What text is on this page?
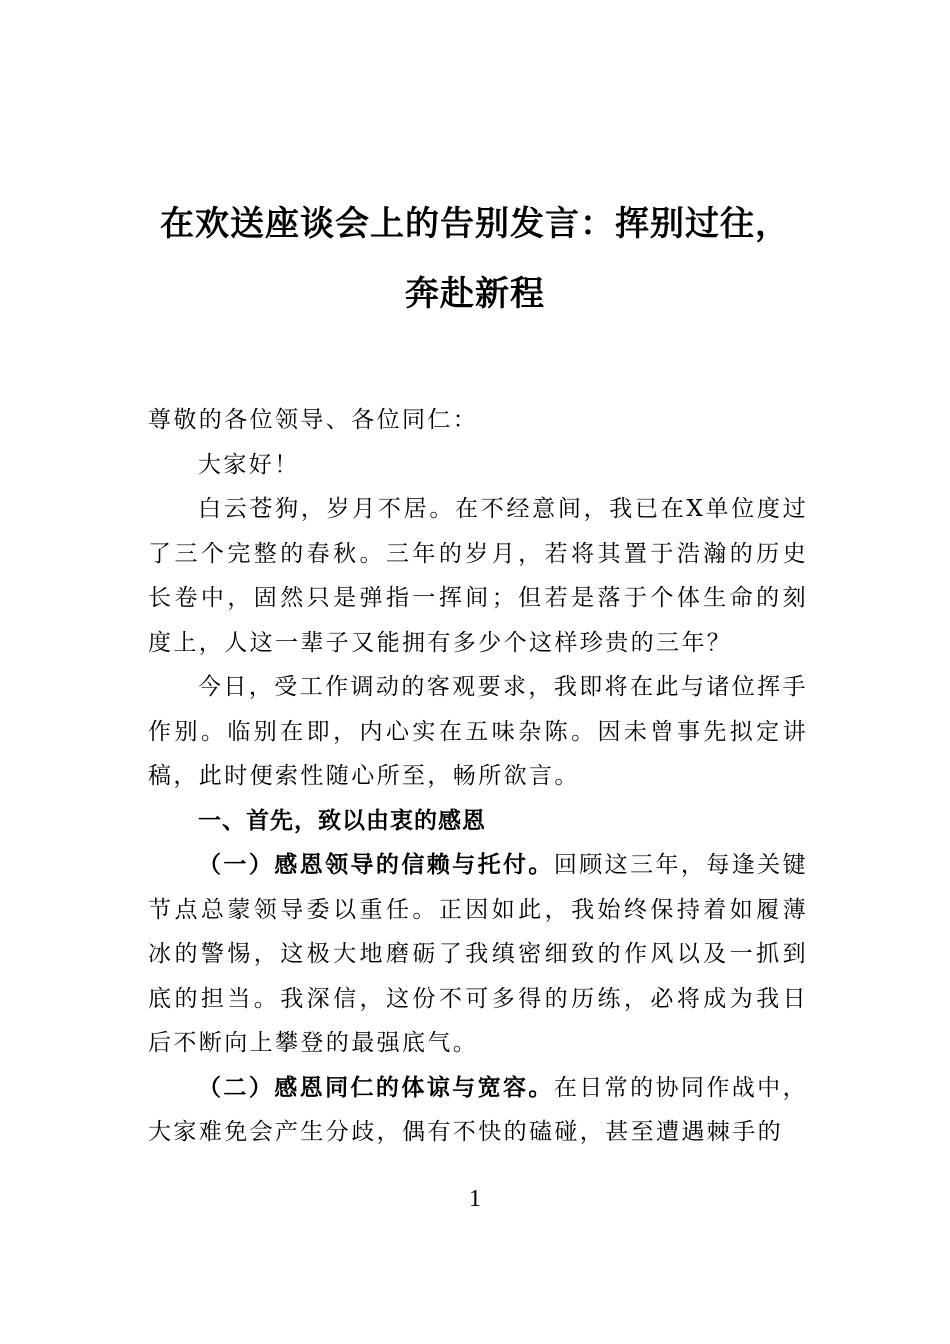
在欢送座谈会上的告别发言：挥别过往，
奔赴新程

尊敬的各位领导、各位同仁：

大家好！

白云苍狗，岁月不居。在不经意间，我已在X单位度过了三个完整的春秋。三年的岁月，若将其置于浩瀚的历史长卷中，固然只是弹指一挥间；但若是落于个体生命的刻度上，人这一辈子又能拥有多少个这样珍贵的三年？

今日，受工作调动的客观要求，我即将在此与诸位挥手作别。临别在即，内心实在五味杂陈。因未曾事先拟定讲稿，此时便索性随心所至，畅所欲言。

一、首先，致以由衷的感恩

（一）感恩领导的信赖与托付。回顾这三年，每逢关键节点总蒙领导委以重任。正因如此，我始终保持着如履薄冰的警惕，这极大地磨砺了我缜密细致的作风以及一抓到底的担当。我深信，这份不可多得的历练，必将成为我日后不断向上攀登的最强底气。

（二）感恩同仁的体谅与宽容。在日常的协同作战中，大家难免会产生分歧，偶有不快的磕碰，甚至遭遇棘手的

1
